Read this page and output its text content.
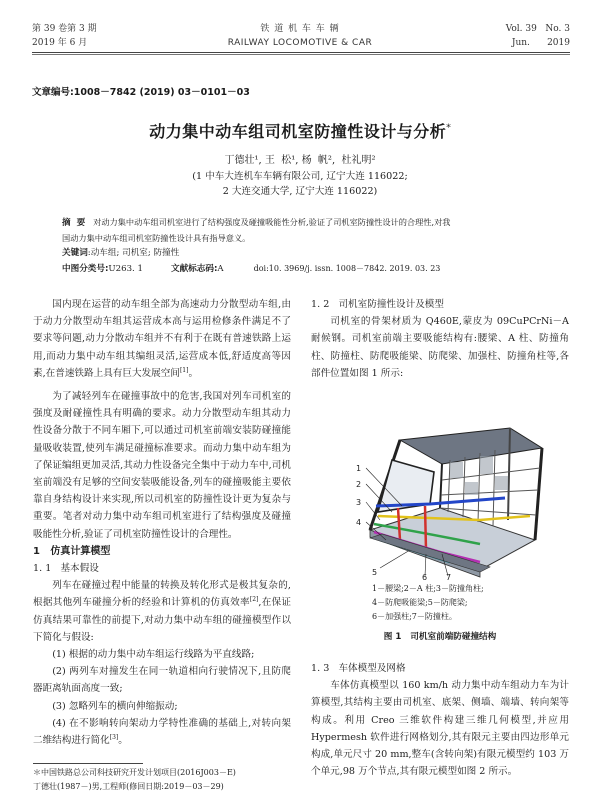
第 39 卷第 3 期
2019 年 6 月
铁 道 机 车 车 辆
RAILWAY LOCOMOTIVE & CAR
Vol. 39   No. 3
Jun.      2019
文章编号:1008－7842 (2019) 03－0101－03
动力集中动车组司机室防撞性设计与分析*
丁德壮¹, 王  松¹, 杨  帆²,  杜礼明²
(1 中车大连机车车辆有限公司, 辽宁大连 116022;
2 大连交通大学, 辽宁大连 116022)
摘  要 对动力集中动车组司机室进行了结构强度及碰撞吸能性分析,验证了司机室防撞性设计的合理性,对我
国动力集中动车组司机室防撞性设计具有指导意义。
关键词:动车组; 司机室; 防撞性
中图分类号:U263. 1	文献标志码:A	doi:10. 3969/j. issn. 1008－7842. 2019. 03. 23

国内现在运营的动车组全部为高速动力分散型动车组,由于动力分散型动车组其运营成本高与运用检修条件满足不了要求等问题,动力分散动车组并不有利于在既有普速铁路上运用,而动力集中动车组其编组灵活,运营成本低,舒适度高等因素,在普速铁路上具有巨大发展空间[1]。

为了减轻列车在碰撞事故中的危害,我国对列车司机室的强度及耐碰撞性具有明确的要求。动力分散型动车组其动力性设备分散于不同车厢下,可以通过司机室前端安装防碰撞能量吸收装置,使列车满足碰撞标准要求。而动力集中动车组为了保证编组更加灵活,其动力性设备完全集中于动力车中,司机室前端没有足够的空间安装吸能设备,列车的碰撞吸能主要依靠自身结构设计来实现,所以司机室的防撞性设计更为复杂与重要。笔者对动力集中动车组司机室进行了结构强度及碰撞吸能性分析,验证了司机室防撞性设计的合理性。

1   仿真计算模型
1. 1   基本假设

列车在碰撞过程中能量的转换及转化形式是极其复杂的,根据其他列车碰撞分析的经验和计算机的仿真效率[2],在保证仿真结果可靠性的前提下,对动力集中动车组的碰撞模型作以下简化与假设:

(1) 根据的动力集中动车组运行线路为平直线路;

(2) 两列车对撞发生在同一轨道相向行驶情况下,且防爬器距离轨面高度一致;

(3) 忽略列车的横向伸缩振动;

(4) 在不影响转向架动力学特性准确的基础上,对转向架二维结构进行简化[3]。

1. 2   司机室防撞性设计及模型

司机室的骨架材质为 Q460E,蒙皮为 09CuPCrNi－A 耐候钢。司机室前端主要吸能结构有:腰梁、A 柱、防撞角柱、防撞柱、防爬吸能梁、防爬梁、加强柱、防撞角柱等,各部件位置如图 1 所示:

1
2
3
4
5
6 7
1－腰梁;2－A 柱;3－防撞角柱;
4－防爬吸能梁;5－防爬梁;
6－加强柱;7－防撞柱。
图 1   司机室前端防碰撞结构
1. 3   车体模型及网格

车体仿真模型以 160 km/h 动力集中动车组动力车为计算模型,其结构主要由司机室、底架、侧墙、端墙、转向架等构成。利用 Creo 三维软件构建三维几何模型,并应用 Hypermesh 软件进行网格划分,其有限元主要由四边形单元构成,单元尺寸 20 mm,整车(含转向架)有限元模型约 103 万个单元,98 万个节点,其有限元模型如图 2 所示。

＊中国铁路总公司科技研究开发计划项目(2016J003－E)
丁德壮(1987－)男,工程师(修回日期:2019－03－29)
